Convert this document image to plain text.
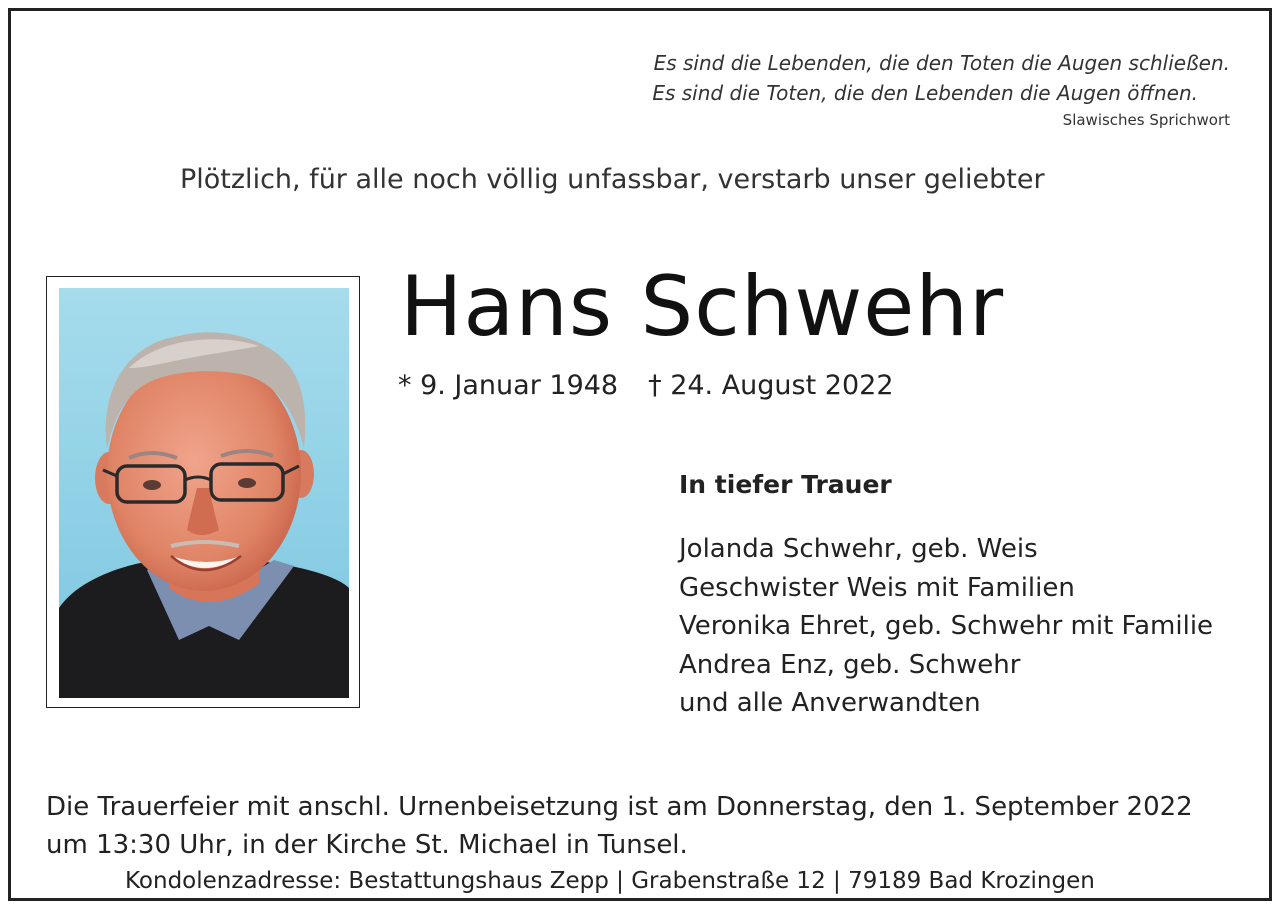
Es sind die Lebenden, die den Toten die Augen schließen.
Es sind die Toten, die den Lebenden die Augen öffnen.
Slawisches Sprichwort
Plötzlich, für alle noch völlig unfassbar, verstarb unser geliebter
Hans Schwehr
* 9. Januar 1948 † 24. August 2022
In tiefer Trauer
Jolanda Schwehr, geb. Weis
Geschwister Weis mit Familien
Veronika Ehret, geb. Schwehr mit Familie
Andrea Enz, geb. Schwehr
und alle Anverwandten
Die Trauerfeier mit anschl. Urnenbeisetzung ist am Donnerstag, den 1. September 2022
um 13:30 Uhr, in der Kirche St. Michael in Tunsel.
Kondolenzadresse: Bestattungshaus Zepp | Grabenstraße 12 | 79189 Bad Krozingen
